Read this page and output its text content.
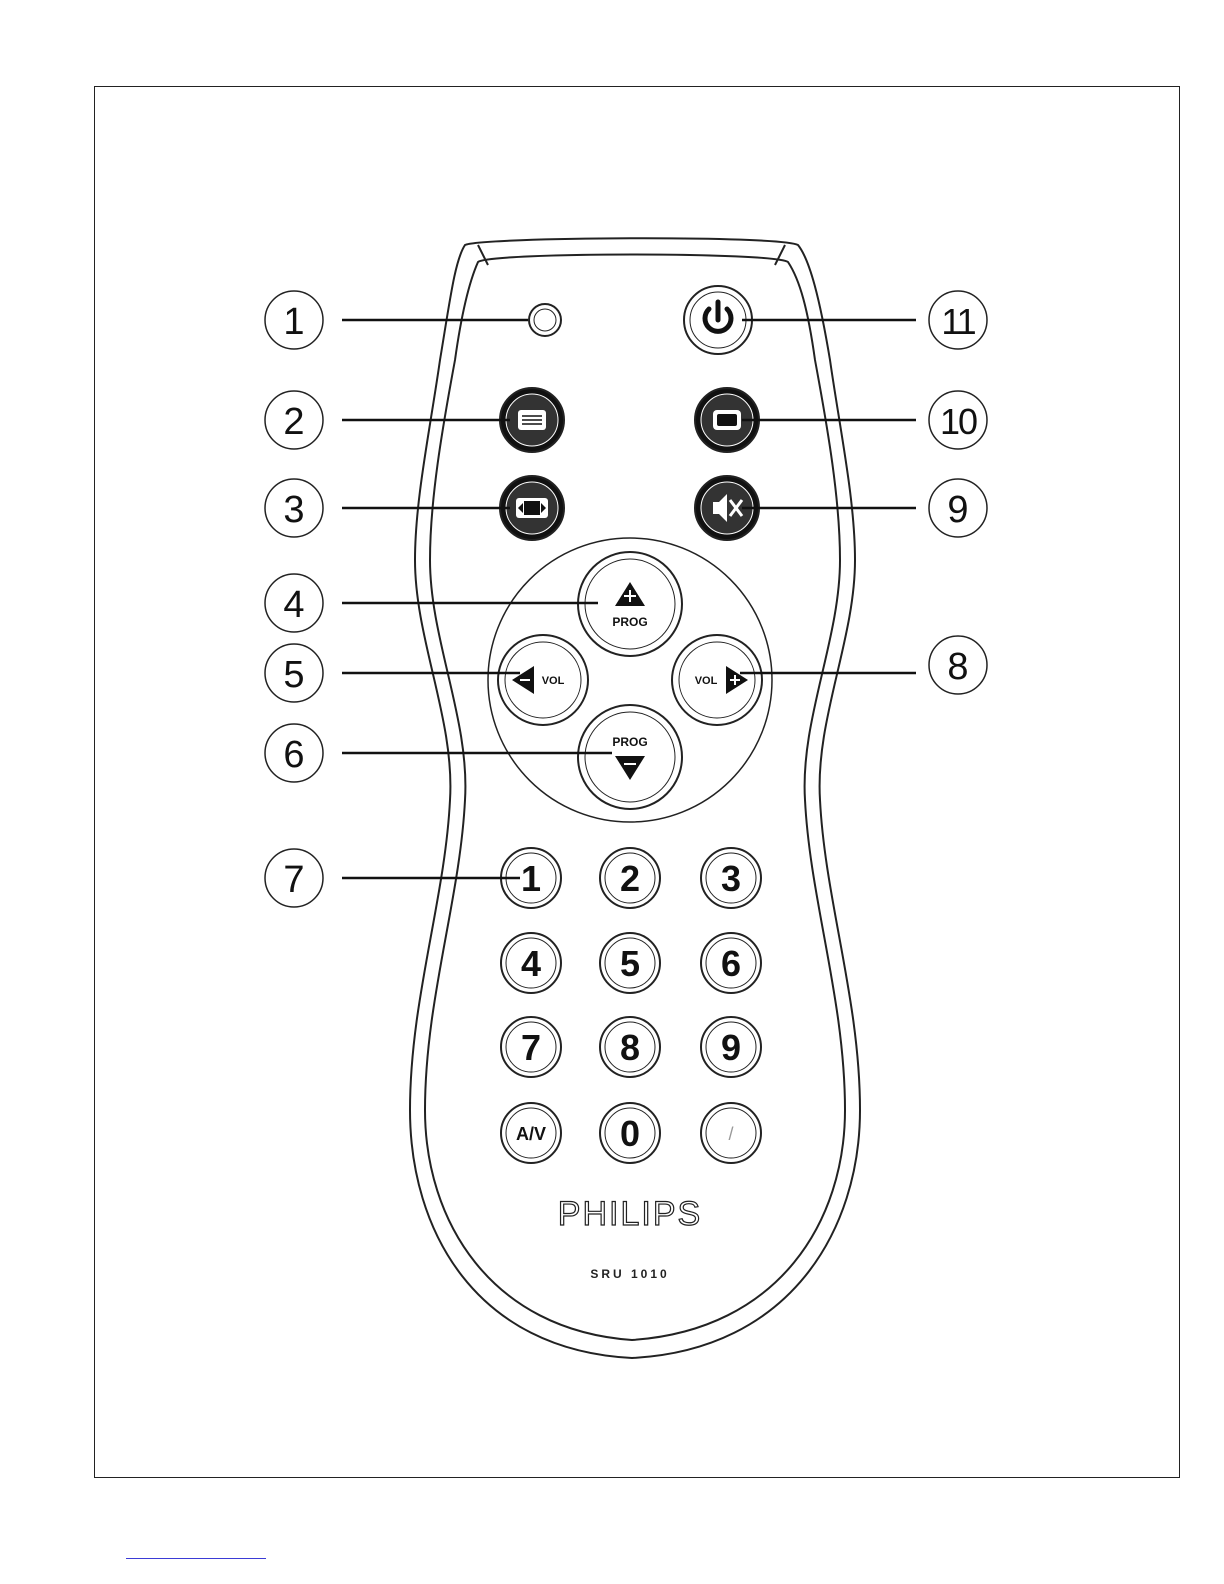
PROG
PROG
VOL	VOL
1 2 3
4 5 6
7 8 9
A/V 0	/
PHILIPS
SRU 1010
1
2
3
4
5
6
7
8
9
10
11
